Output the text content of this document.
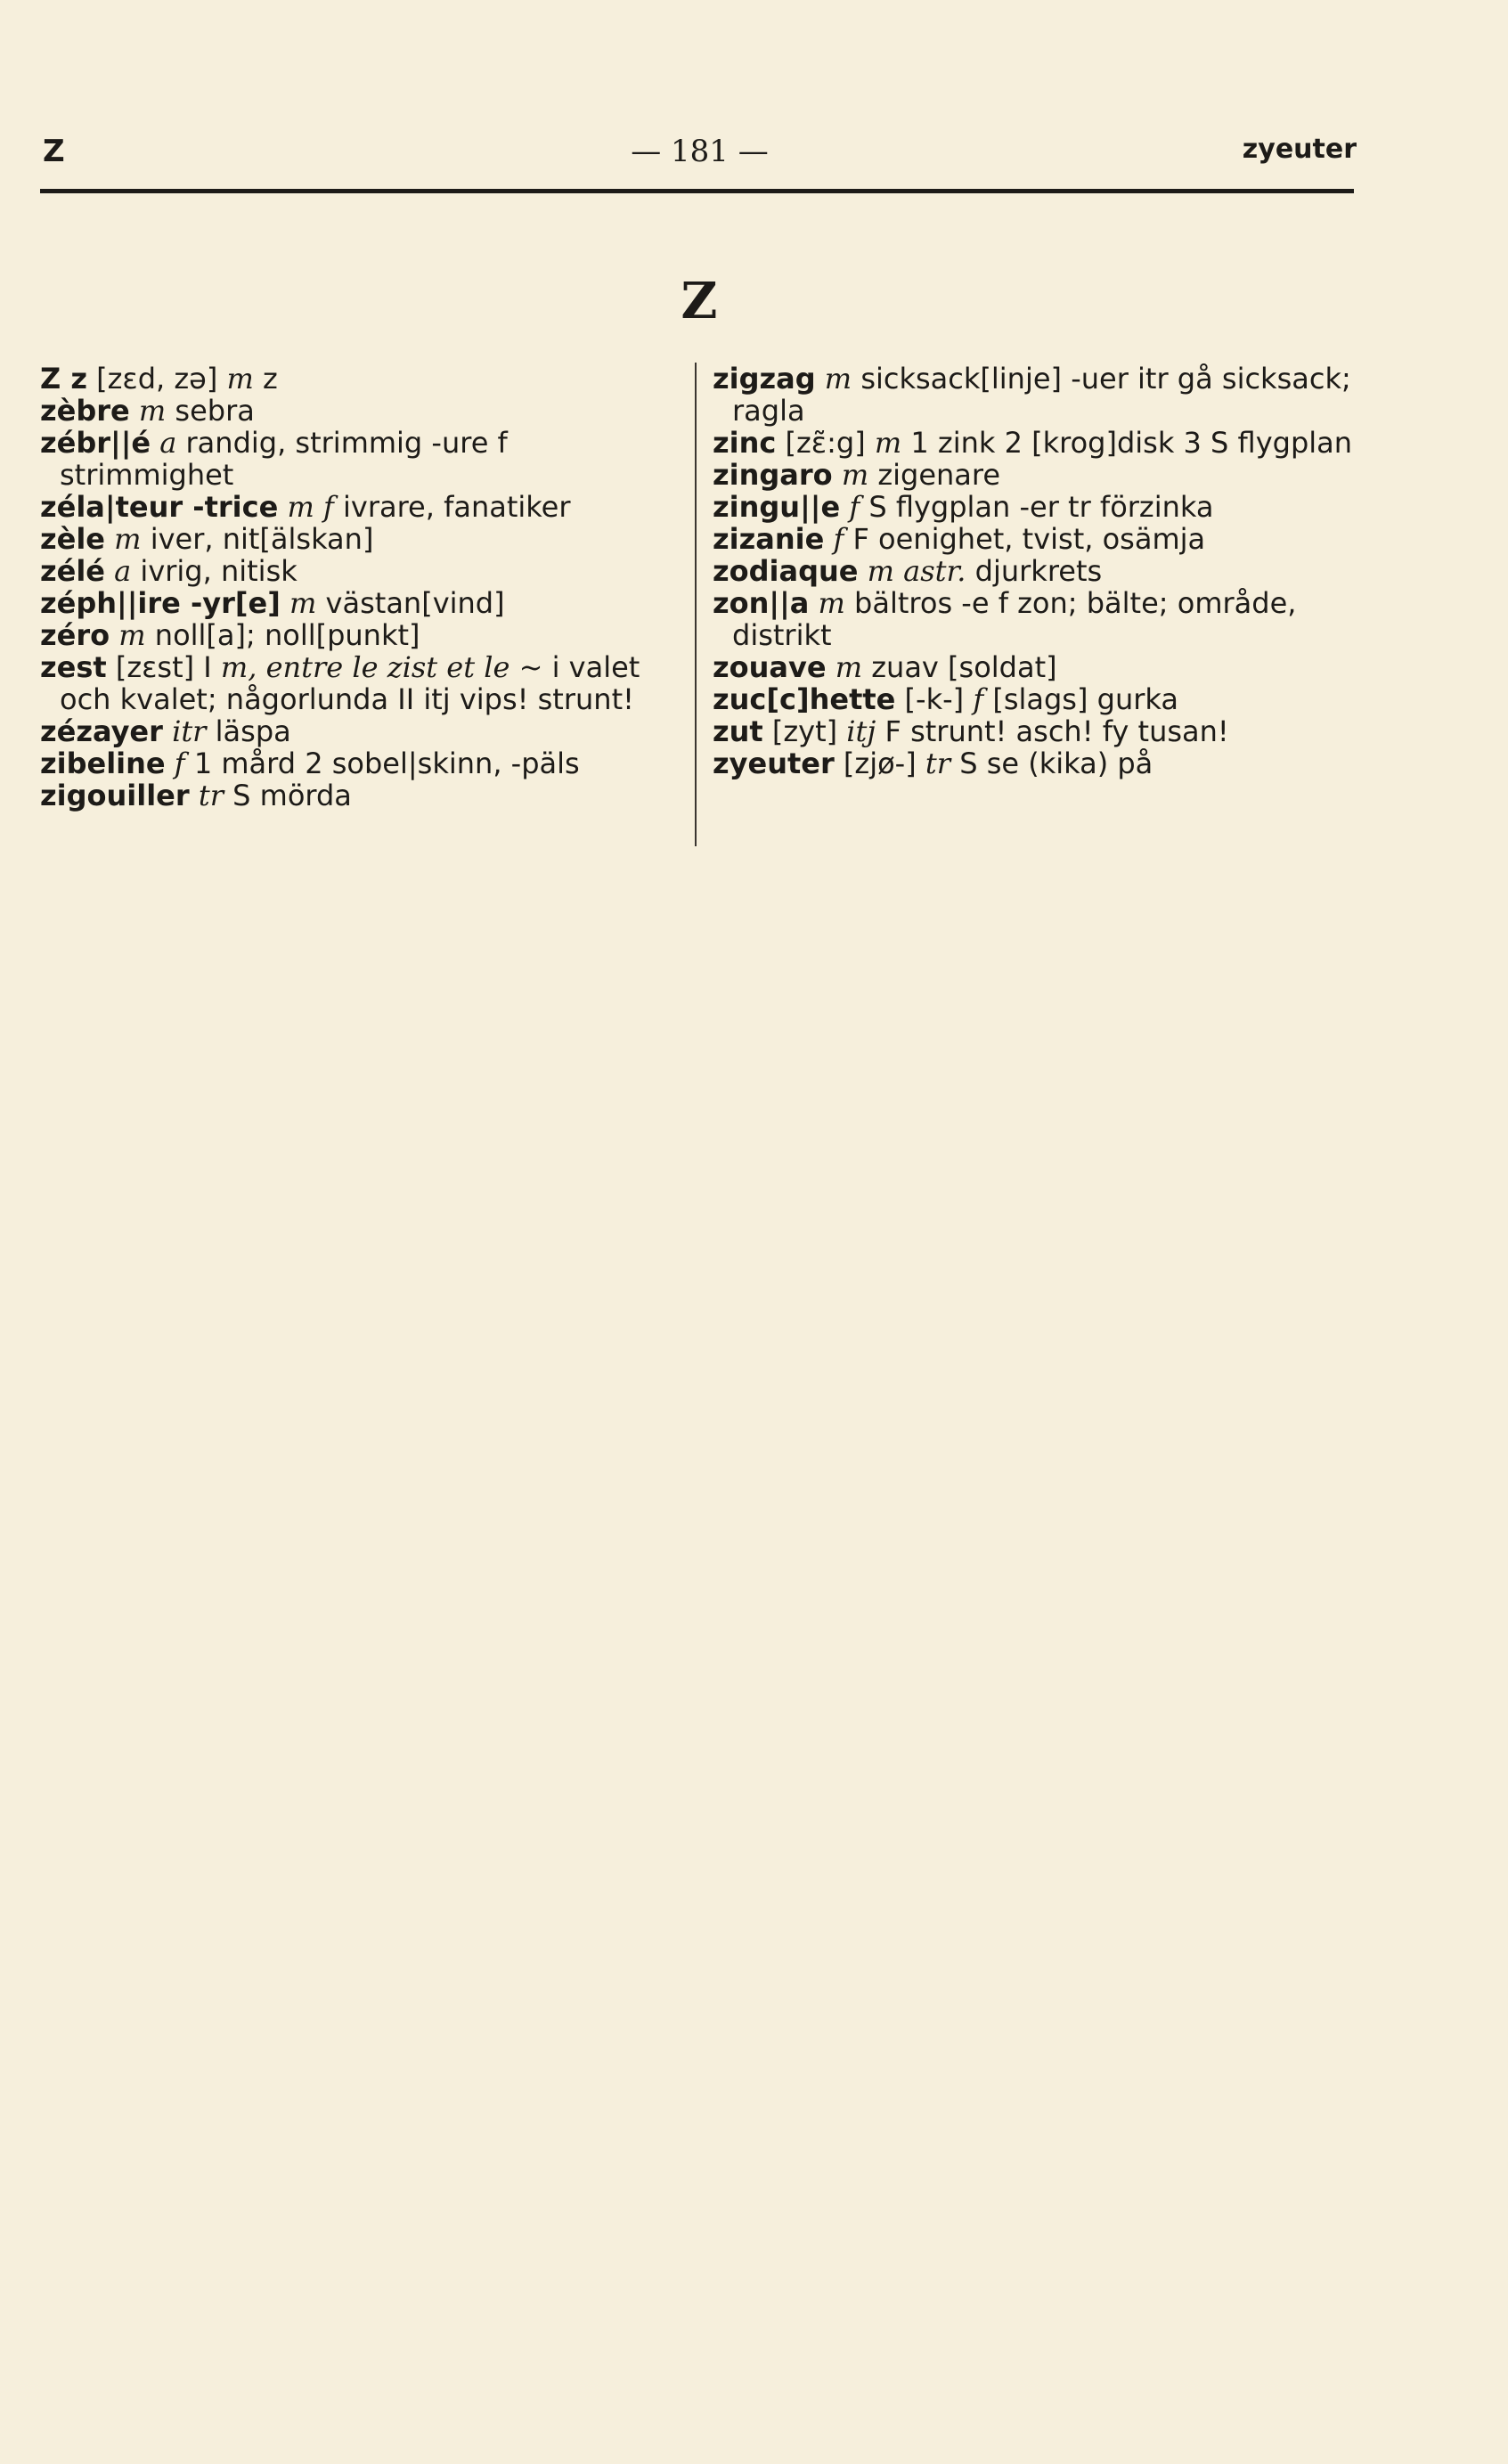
Z	— 181 —	zyeuter
Z

Z z [zɛd, zə] m z

zèbre m sebra

zébr||é a randig, strimmig -ure f strimmighet

zéla|teur -trice m f ivrare, fanatiker

zèle m iver, nit[älskan]

zélé a ivrig, nitisk

zéph||ire -yr[e] m västan[vind]

zéro m noll[a]; noll[punkt]

zest [zɛst] I m, entre le zist et le ~ i valet och kvalet; någorlunda II itj vips! strunt!

zézayer itr läspa

zibeline f 1 mård 2 sobel|skinn, -päls

zigouiller tr S mörda

zigzag m sicksack[linje] -uer itr gå sicksack; ragla

zinc [zɛ̃:g] m 1 zink 2 [krog]disk 3 S flygplan

zingaro m zigenare

zingu||e f S flygplan -er tr förzinka

zizanie f F oenighet, tvist, osämja

zodiaque m astr. djurkrets

zon||a m bältros -e f zon; bälte; område, distrikt

zouave m zuav [soldat]

zuc[c]hette [-k-] f [slags] gurka

zut [zyt] itj F strunt! asch! fy tusan!

zyeuter [zjø-] tr S se (kika) på
